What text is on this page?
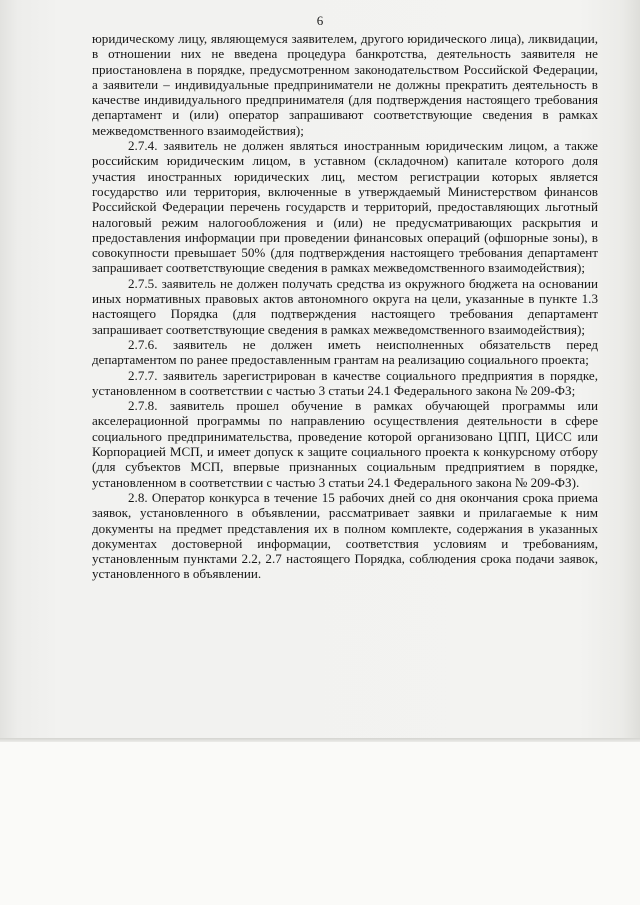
6

юридическому лицу, являющемуся заявителем, другого юридического лица), ликвидации, в отношении них не введена процедура банкротства, деятельность заявителя не приостановлена в порядке, предусмотренном законодательством Российской Федерации, а заявители – индивидуальные предприниматели не должны прекратить деятельность в качестве индивидуального предпринимателя (для подтверждения настоящего требования департамент и (или) оператор запрашивают соответствующие сведения в рамках межведомственного взаимодействия);

2.7.4. заявитель не должен являться иностранным юридическим лицом, а также российским юридическим лицом, в уставном (складочном) капитале которого доля участия иностранных юридических лиц, местом регистрации которых является государство или территория, включенные в утверждаемый Министерством финансов Российской Федерации перечень государств и территорий, предоставляющих льготный налоговый режим налогообложения и (или) не предусматривающих раскрытия и предоставления информации при проведении финансовых операций (офшорные зоны), в совокупности превышает 50% (для подтверждения настоящего требования департамент запрашивает соответствующие сведения в рамках межведомственного взаимодействия);

2.7.5. заявитель не должен получать средства из окружного бюджета на основании иных нормативных правовых актов автономного округа на цели, указанные в пункте 1.3 настоящего Порядка (для подтверждения настоящего требования департамент запрашивает соответствующие сведения в рамках межведомственного взаимодействия);

2.7.6. заявитель не должен иметь неисполненных обязательств перед департаментом по ранее предоставленным грантам на реализацию социального проекта;

2.7.7. заявитель зарегистрирован в качестве социального предприятия в порядке, установленном в соответствии с частью 3 статьи 24.1 Федерального закона № 209-ФЗ;

2.7.8. заявитель прошел обучение в рамках обучающей программы или акселерационной программы по направлению осуществления деятельности в сфере социального предпринимательства, проведение которой организовано ЦПП, ЦИСС или Корпорацией МСП, и имеет допуск к защите социального проекта к конкурсному отбору (для субъектов МСП, впервые признанных социальным предприятием в порядке, установленном в соответствии с частью 3 статьи 24.1 Федерального закона № 209-ФЗ).

2.8. Оператор конкурса в течение 15 рабочих дней со дня окончания срока приема заявок, установленного в объявлении, рассматривает заявки и прилагаемые к ним документы на предмет представления их в полном комплекте, содержания в указанных документах достоверной информации, соответствия условиям и требованиям, установленным пунктами 2.2, 2.7 настоящего Порядка, соблюдения срока подачи заявок, установленного в объявлении.
